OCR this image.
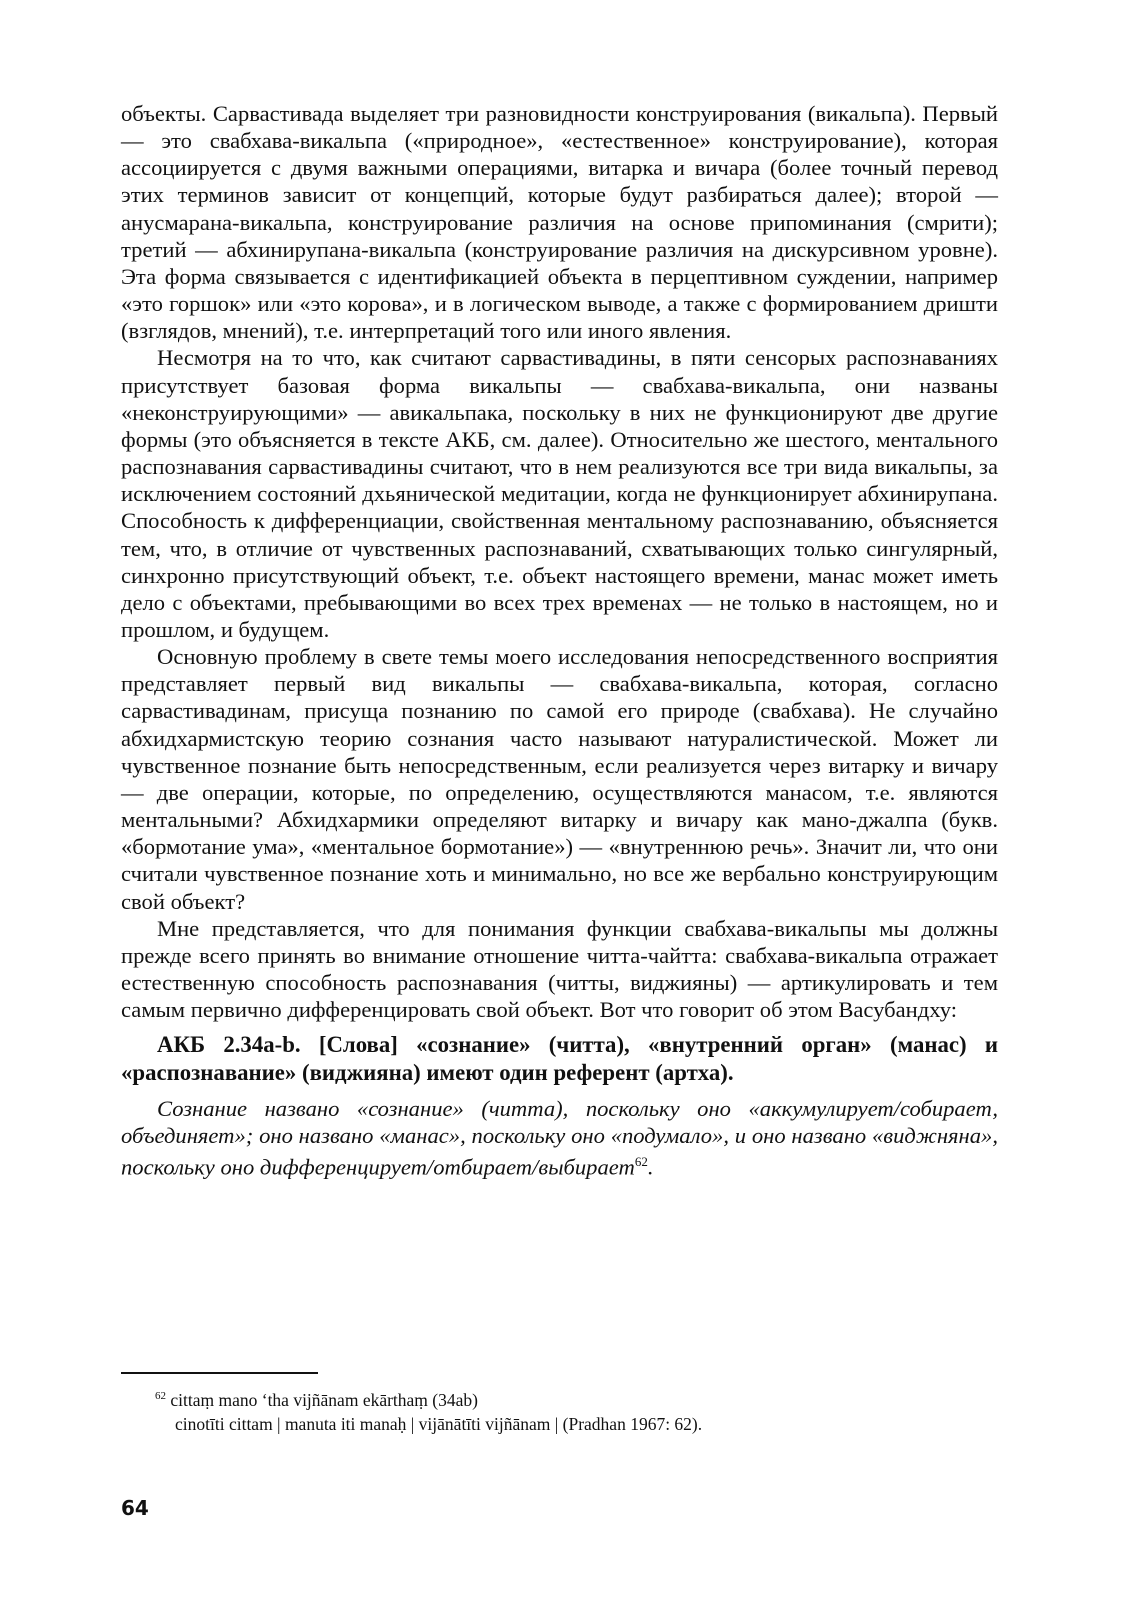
объекты. Сарвастивада выделяет три разновидности конструирования (викальпа). Первый — это свабхава-викальпа («природное», «естественное» конструирование), которая ассоциируется с двумя важными операциями, витарка и вичара (более точный перевод этих терминов зависит от концепций, которые будут разбираться далее); второй — анусмарана-викальпа, конструирование различия на основе припоминания (смрити); третий — абхинирупана-викальпа (конструирование различия на дискурсивном уровне). Эта форма связывается с идентификацией объекта в перцептивном суждении, например «это горшок» или «это корова», и в логическом выводе, а также с формированием дришти (взглядов, мнений), т.е. интерпретаций того или иного явления.

Несмотря на то что, как считают сарвастивадины, в пяти сенсорых распознаваниях присутствует базовая форма викальпы — свабхава-викальпа, они названы «неконструирующими» — авикальпака, поскольку в них не функционируют две другие формы (это объясняется в тексте АКБ, см. далее). Относительно же шестого, ментального распознавания сарвастивадины считают, что в нем реализуются все три вида викальпы, за исключением состояний дхьянической медитации, когда не функционирует абхинирупана. Способность к дифференциации, свойственная ментальному распознаванию, объясняется тем, что, в отличие от чувственных распознаваний, схватывающих только сингулярный, синхронно присутствующий объект, т.е. объект настоящего времени, манас может иметь дело с объектами, пребывающими во всех трех временах — не только в настоящем, но и прошлом, и будущем.

Основную проблему в свете темы моего исследования непосредственного восприятия представляет первый вид викальпы — свабхава-викальпа, которая, согласно сарвастивадинам, присуща познанию по самой его природе (свабхава). Не случайно абхидхармистскую теорию сознания часто называют натуралистической. Может ли чувственное познание быть непосредственным, если реализуется через витарку и вичару — две операции, которые, по определению, осуществляются манасом, т.е. являются ментальными? Абхидхармики определяют витарку и вичару как мано-джалпа (букв. «бормотание ума», «ментальное бормотание») — «внутреннюю речь». Значит ли, что они считали чувственное познание хоть и минимально, но все же вербально конструирующим свой объект?

Мне представляется, что для понимания функции свабхава-викальпы мы должны прежде всего принять во внимание отношение читта-чайтта: свабхава-викальпа отражает естественную способность распознавания (читты, виджияны) — артикулировать и тем самым первично дифференцировать свой объект. Вот что говорит об этом Васубандху:

АКБ 2.34a-b. [Слова] «сознание» (читта), «внутренний орган» (манас) и «распознавание» (виджияна) имеют один референт (артха).

Сознание названо «сознание» (читта), поскольку оно «аккумулирует/собирает, объединяет»; оно названо «манас», поскольку оно «подумало», и оно названо «виджняна», поскольку оно дифференцирует/отбирает/выбирает$^{62}$.

$^{62}$ cittaṃ mano ‘tha vijñānam ekārthaṃ (34ab)
cinotīti cittam | manuta iti manaḥ | vijānātīti vijñānam | (Pradhan 1967: 62).
64
